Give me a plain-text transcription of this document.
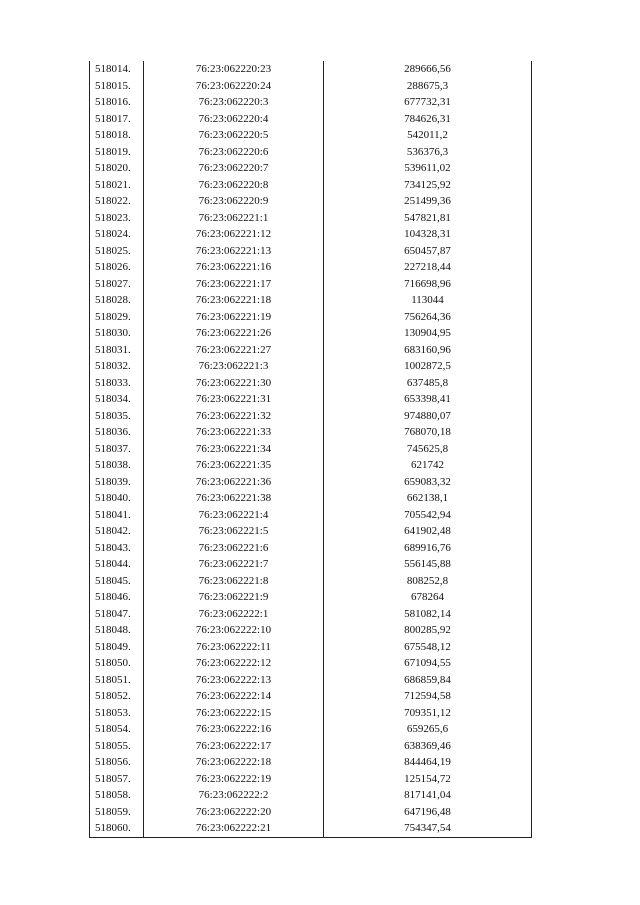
518014.	76:23:062220:23	289666,56
518015.	76:23:062220:24	288675,3
518016.	76:23:062220:3	677732,31
518017.	76:23:062220:4	784626,31
518018.	76:23:062220:5	542011,2
518019.	76:23:062220:6	536376,3
518020.	76:23:062220:7	539611,02
518021.	76:23:062220:8	734125,92
518022.	76:23:062220:9	251499,36
518023.	76:23:062221:1	547821,81
518024.	76:23:062221:12	104328,31
518025.	76:23:062221:13	650457,87
518026.	76:23:062221:16	227218,44
518027.	76:23:062221:17	716698,96
518028.	76:23:062221:18	113044
518029.	76:23:062221:19	756264,36
518030.	76:23:062221:26	130904,95
518031.	76:23:062221:27	683160,96
518032.	76:23:062221:3	1002872,5
518033.	76:23:062221:30	637485,8
518034.	76:23:062221:31	653398,41
518035.	76:23:062221:32	974880,07
518036.	76:23:062221:33	768070,18
518037.	76:23:062221:34	745625,8
518038.	76:23:062221:35	621742
518039.	76:23:062221:36	659083,32
518040.	76:23:062221:38	662138,1
518041.	76:23:062221:4	705542,94
518042.	76:23:062221:5	641902,48
518043.	76:23:062221:6	689916,76
518044.	76:23:062221:7	556145,88
518045.	76:23:062221:8	808252,8
518046.	76:23:062221:9	678264
518047.	76:23:062222:1	581082,14
518048.	76:23:062222:10	800285,92
518049.	76:23:062222:11	675548,12
518050.	76:23:062222:12	671094,55
518051.	76:23:062222:13	686859,84
518052.	76:23:062222:14	712594,58
518053.	76:23:062222:15	709351,12
518054.	76:23:062222:16	659265,6
518055.	76:23:062222:17	638369,46
518056.	76:23:062222:18	844464,19
518057.	76:23:062222:19	125154,72
518058.	76:23:062222:2	817141,04
518059.	76:23:062222:20	647196,48
518060.	76:23:062222:21	754347,54
